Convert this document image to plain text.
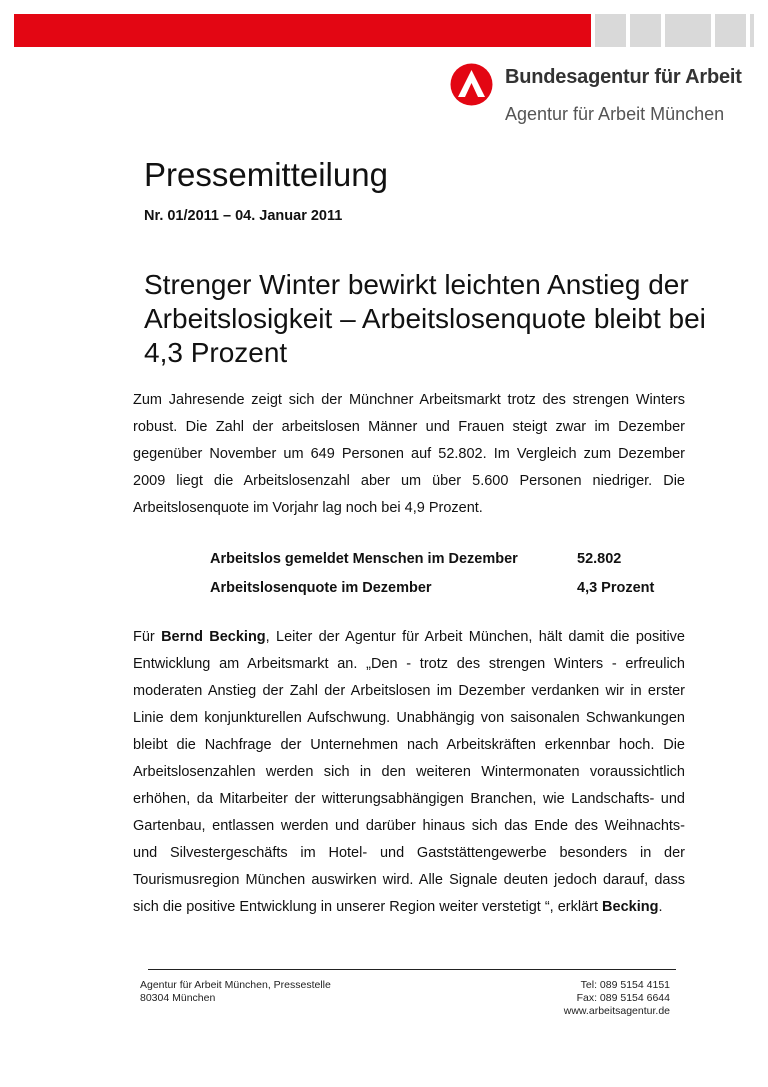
Bundesagentur für Arbeit
Agentur für Arbeit München
Pressemitteilung
Nr. 01/2011 – 04. Januar 2011
Strenger Winter bewirkt leichten Anstieg der Arbeitslosigkeit – Arbeitslosenquote bleibt bei 4,3 Prozent
Zum Jahresende zeigt sich der Münchner Arbeitsmarkt trotz des strengen Winters robust. Die Zahl der arbeitslosen Männer und Frauen steigt zwar im Dezember gegenüber November um 649 Personen auf 52.802. Im Vergleich zum Dezember 2009 liegt die Arbeitslosenzahl aber um über 5.600 Personen niedriger. Die Arbeitslosenquote im Vorjahr lag noch bei 4,9 Prozent.
Arbeitslos gemeldet Menschen im Dezember	52.802
Arbeitslosenquote im Dezember	4,3 Prozent
Für Bernd Becking, Leiter der Agentur für Arbeit München, hält damit die positive Entwicklung am Arbeitsmarkt an. „Den - trotz des strengen Winters - erfreulich moderaten Anstieg der Zahl der Arbeitslosen im Dezember verdanken wir in erster Linie dem konjunkturellen Aufschwung. Unabhängig von saisonalen Schwankungen bleibt die Nachfrage der Unternehmen nach Arbeitskräften erkennbar hoch. Die Arbeitslosenzahlen werden sich in den weiteren Wintermonaten voraussichtlich erhöhen, da Mitarbeiter der witterungsabhängigen Branchen, wie Landschafts- und Gartenbau, entlassen werden und darüber hinaus sich das Ende des Weihnachts- und Silvestergeschäfts im Hotel- und Gaststättengewerbe besonders in der Tourismusregion München auswirken wird. Alle Signale deuten jedoch darauf, dass sich die positive Entwicklung in unserer Region weiter verstetigt “, erklärt Becking.
Agentur für Arbeit München, Pressestelle
80304 München
Tel: 089 5154 4151
Fax: 089 5154 6644
www.arbeitsagentur.de
